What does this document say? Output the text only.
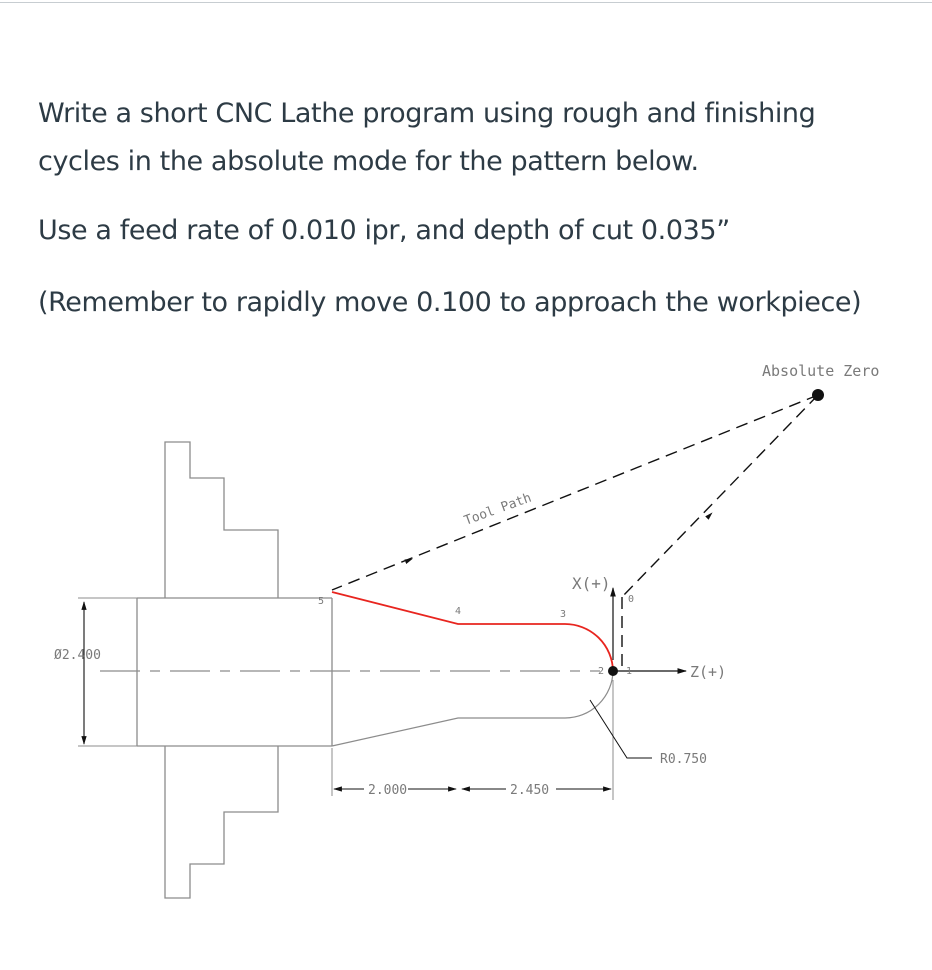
Write a short CNC Lathe program using rough and finishing cycles in the absolute mode for the pattern below.

Use a feed rate of 0.010 ipr, and depth of cut 0.035”

(Remember to rapidly move 0.100 to approach the workpiece)

Absolute Zero
Tool Path
X(+)
Z(+)
Ø2.400
R0.750
2.000	2.450
0
1
2
3
4
5
